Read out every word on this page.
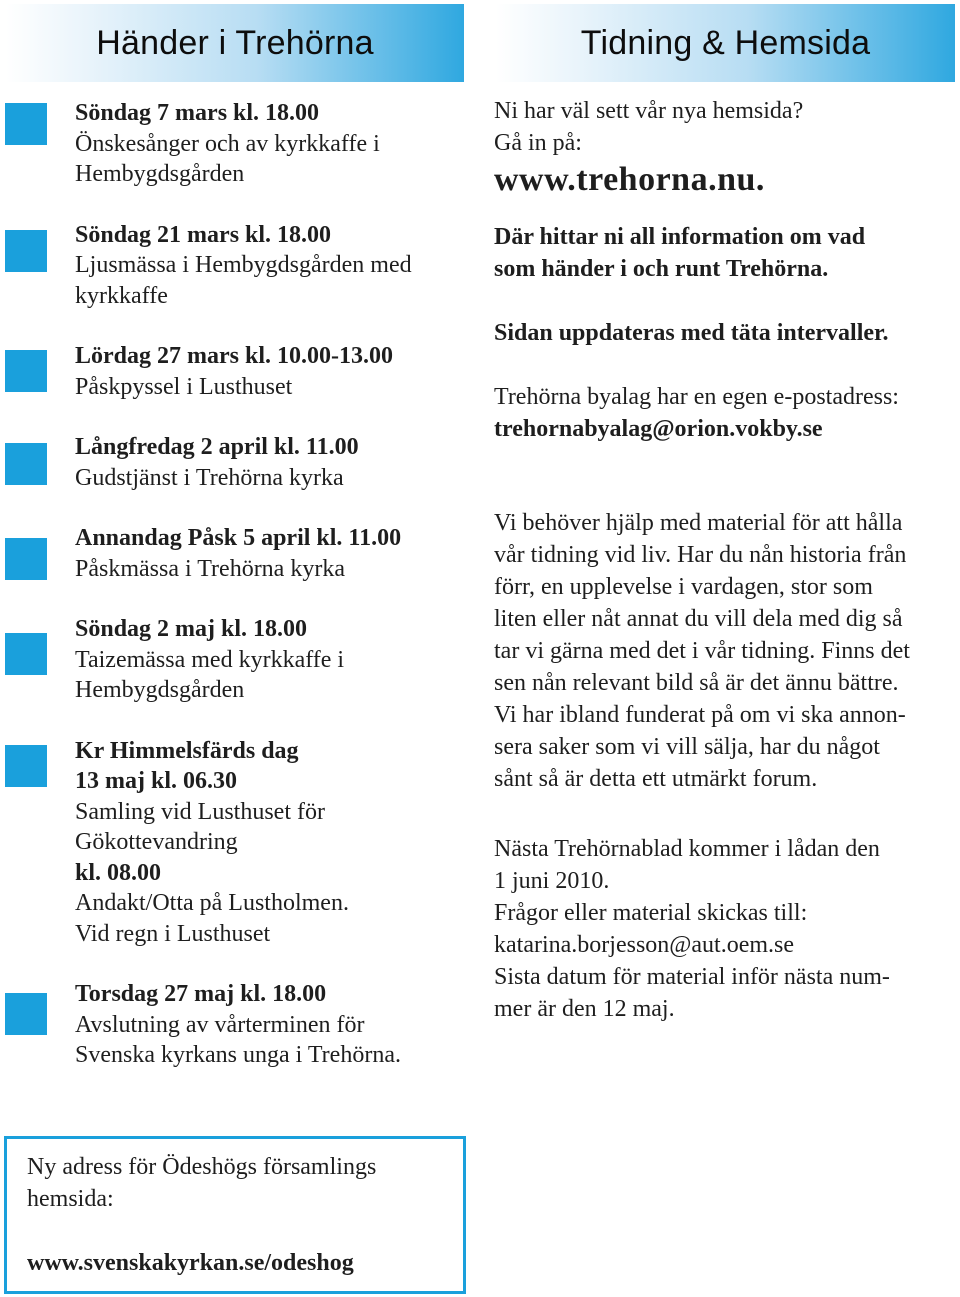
Händer i Trehörna	Tidning & Hemsida
Söndag 7 mars kl. 18.00
Önskesånger och av kyrkkaffe i
Hembygdsgården
Söndag 21 mars kl. 18.00
Ljusmässa i Hembygdsgården med
kyrkkaffe
Lördag 27 mars kl. 10.00-13.00
Påskpyssel i Lusthuset
Långfredag 2 april kl. 11.00
Gudstjänst i Trehörna kyrka
Annandag Påsk 5 april kl. 11.00
Påskmässa i Trehörna kyrka
Söndag 2 maj kl. 18.00
Taizemässa med kyrkkaffe i
Hembygdsgården
Kr Himmelsfärds dag
13 maj kl. 06.30
Samling vid Lusthuset för
Gökottevandring
kl. 08.00
Andakt/Otta på Lustholmen.
Vid regn i Lusthuset
Torsdag 27 maj kl. 18.00
Avslutning av vårterminen för
Svenska kyrkans unga i Trehörna.

Ni har väl sett vår nya hemsida?

Gå in på:

www.trehorna.nu.

Där hittar ni all information om vad

som händer i och runt Trehörna.

Sidan uppdateras med täta intervaller.

Trehörna byalag har en egen e-postadress:

trehornabyalag@orion.vokby.se

Vi behöver hjälp med material för att hålla

vår tidning vid liv. Har du nån historia från

förr, en upplevelse i vardagen, stor som

liten eller nåt annat du vill dela med dig så

tar vi gärna med det i vår tidning. Finns det

sen nån relevant bild så är det ännu bättre.

Vi har ibland funderat på om vi ska annon-

sera saker som vi vill sälja, har du något

sånt så är detta ett utmärkt forum.

Nästa Trehörnablad kommer i lådan den

1 juni 2010.

Frågor eller material skickas till:

katarina.borjesson@aut.oem.se

Sista datum för material inför nästa num-

mer är den 12 maj.

Ny adress för Ödeshögs församlings
hemsida:
www.svenskakyrkan.se/odeshog
